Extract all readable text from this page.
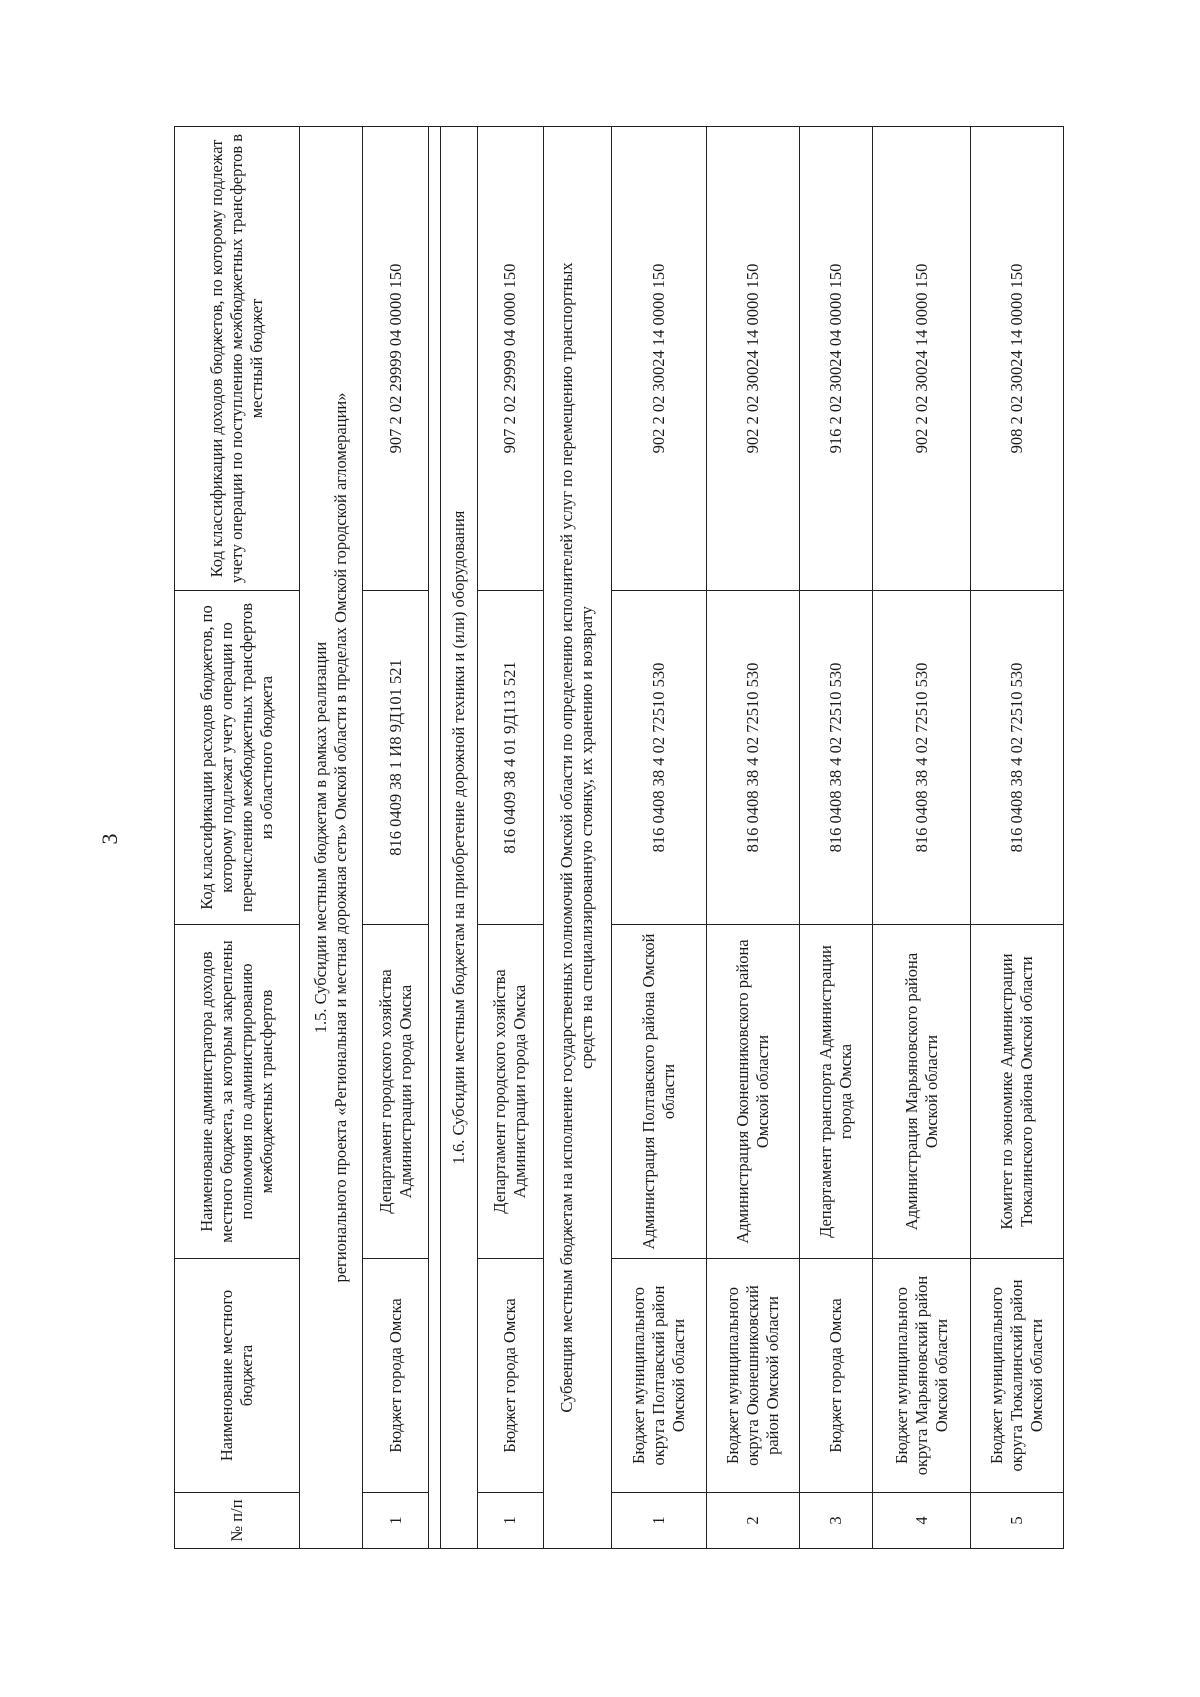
3
№ п/п	Наименование местного бюджета	Наименование администратора доходов местного бюджета, за которым закреплены полномочия по администрированию межбюджетных трансфертов	Код классификации расходов бюджетов, по которому подлежат учету операции по перечислению межбюджетных трансфертов из областного бюджета	Код классификации доходов бюджетов, по которому подлежат учету операции по поступлению межбюджетных трансфертов в местный бюджет

1.5. Субсидии местным бюджетам в рамках реализации регионального проекта «Региональная и местная дорожная сеть» Омской области в пределах Омской городской агломерации»				

1	Бюджет города Омска	Департамент городского хозяйства Администрации города Омска	816 0409 38 1 И8 9Д101 521	907 2 02 29999 04 0000 150

1.6. Субсидии местным бюджетам на приобретение дорожной техники и (или) оборудования				

1	Бюджет города Омска	Департамент городского хозяйства Администрации города Омска	816 0409 38 4 01 9Д113 521	907 2 02 29999 04 0000 150

Субвенция местным бюджетам на исполнение государственных полномочий Омской области по определению исполнителей услуг по перемещению транспортных средств на специализированную стоянку, их хранению и возврату				

1	Бюджет муниципального округа Полтавский район Омской области	Администрация Полтавского района Омской области	816 0408 38 4 02 72510 530	902 2 02 30024 14 0000 150
2	Бюджет муниципального округа Оконешниковский район Омской области	Администрация Оконешниковского района Омской области	816 0408 38 4 02 72510 530	902 2 02 30024 14 0000 150
3	Бюджет города Омска	Департамент транспорта Администрации города Омска	816 0408 38 4 02 72510 530	916 2 02 30024 04 0000 150
4	Бюджет муниципального округа Марьяновский район Омской области	Администрация Марьяновского района Омской области	816 0408 38 4 02 72510 530	902 2 02 30024 14 0000 150
5	Бюджет муниципального округа Тюкалинский район Омской области	Комитет по экономике Администрации Тюкалинского района Омской области	816 0408 38 4 02 72510 530	908 2 02 30024 14 0000 150
